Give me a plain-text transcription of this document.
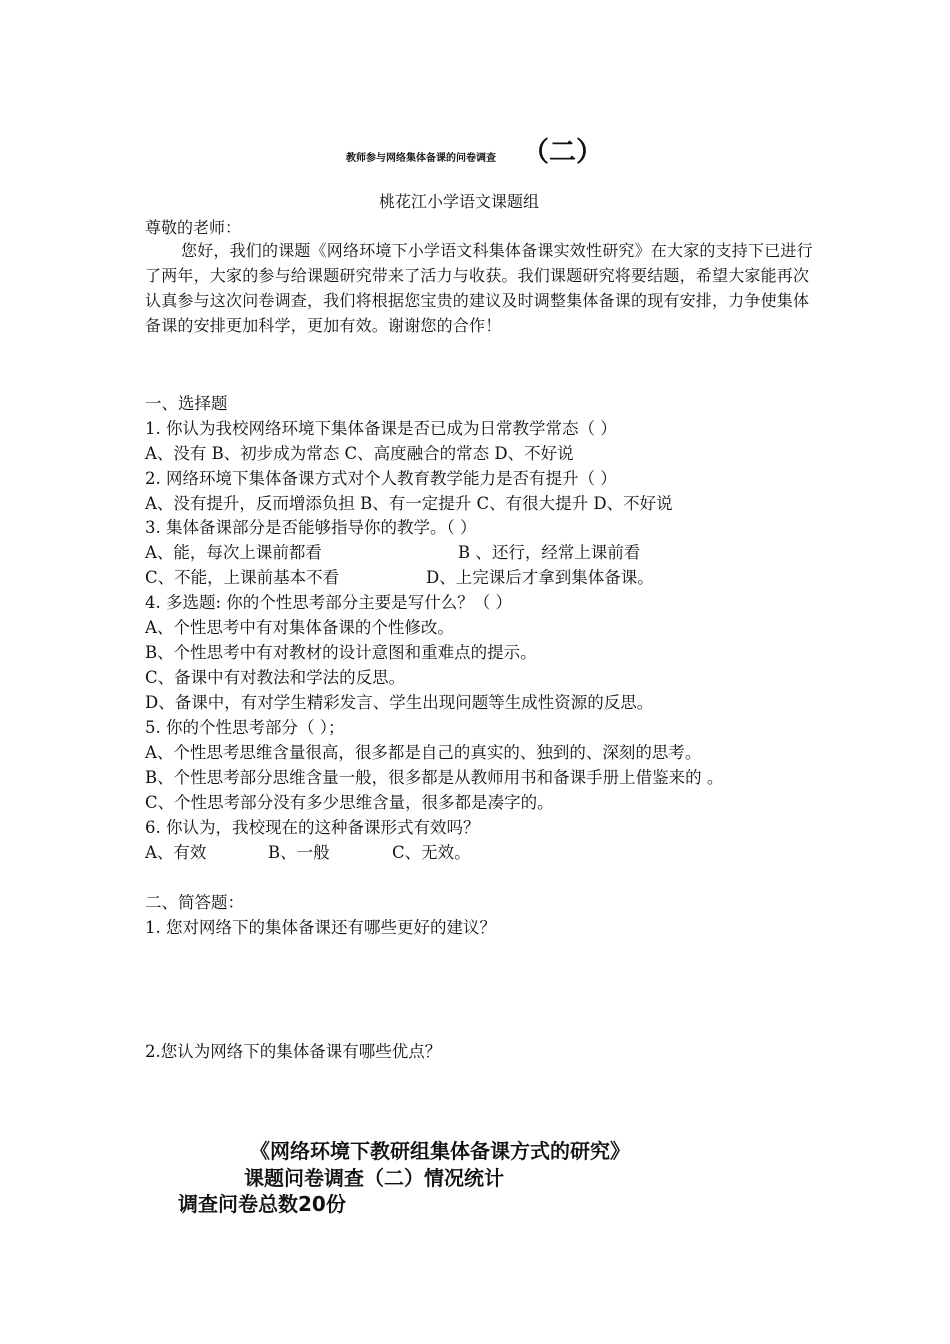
教师参与网络集体备课的问卷调查 （二）
桃花江小学语文课题组
尊敬的老师：
您好，我们的课题《网络环境下小学语文科集体备课实效性研究》在大家的支持下已进行了两年，大家的参与给课题研究带来了活力与收获。我们课题研究将要结题，希望大家能再次认真参与这次问卷调查，我们将根据您宝贵的建议及时调整集体备课的现有安排，力争使集体备课的安排更加科学，更加有效。谢谢您的合作！
一、选择题
1. 你认为我校网络环境下集体备课是否已成为日常教学常态（ ）
A、没有 B、初步成为常态 C、高度融合的常态 D、不好说
2. 网络环境下集体备课方式对个人教育教学能力是否有提升（ ）
A、没有提升，反而增添负担 B、有一定提升 C、有很大提升 D、不好说
3. 集体备课部分是否能够指导你的教学。（ ）
A、能，每次上课前都看	B 、还行，经常上课前看
C、不能，上课前基本不看	D、上完课后才拿到集体备课。
4. 多选题: 你的个性思考部分主要是写什么？（ ）
A、个性思考中有对集体备课的个性修改。
B、个性思考中有对教材的设计意图和重难点的提示。
C、备课中有对教法和学法的反思。
D、备课中，有对学生精彩发言、学生出现问题等生成性资源的反思。
5. 你的个性思考部分（ ）；
A、个性思考思维含量很高，很多都是自己的真实的、独到的、深刻的思考。
B、个性思考部分思维含量一般，很多都是从教师用书和备课手册上借鉴来的 。
C、个性思考部分没有多少思维含量，很多都是凑字的。
6. 你认为，我校现在的这种备课形式有效吗？
A、有效	B、一般	C、无效。
二、简答题：
1. 您对网络下的集体备课还有哪些更好的建议？
2.您认为网络下的集体备课有哪些优点？
《网络环境下教研组集体备课方式的研究》
课题问卷调查（二）情况统计
调查问卷总数20份
